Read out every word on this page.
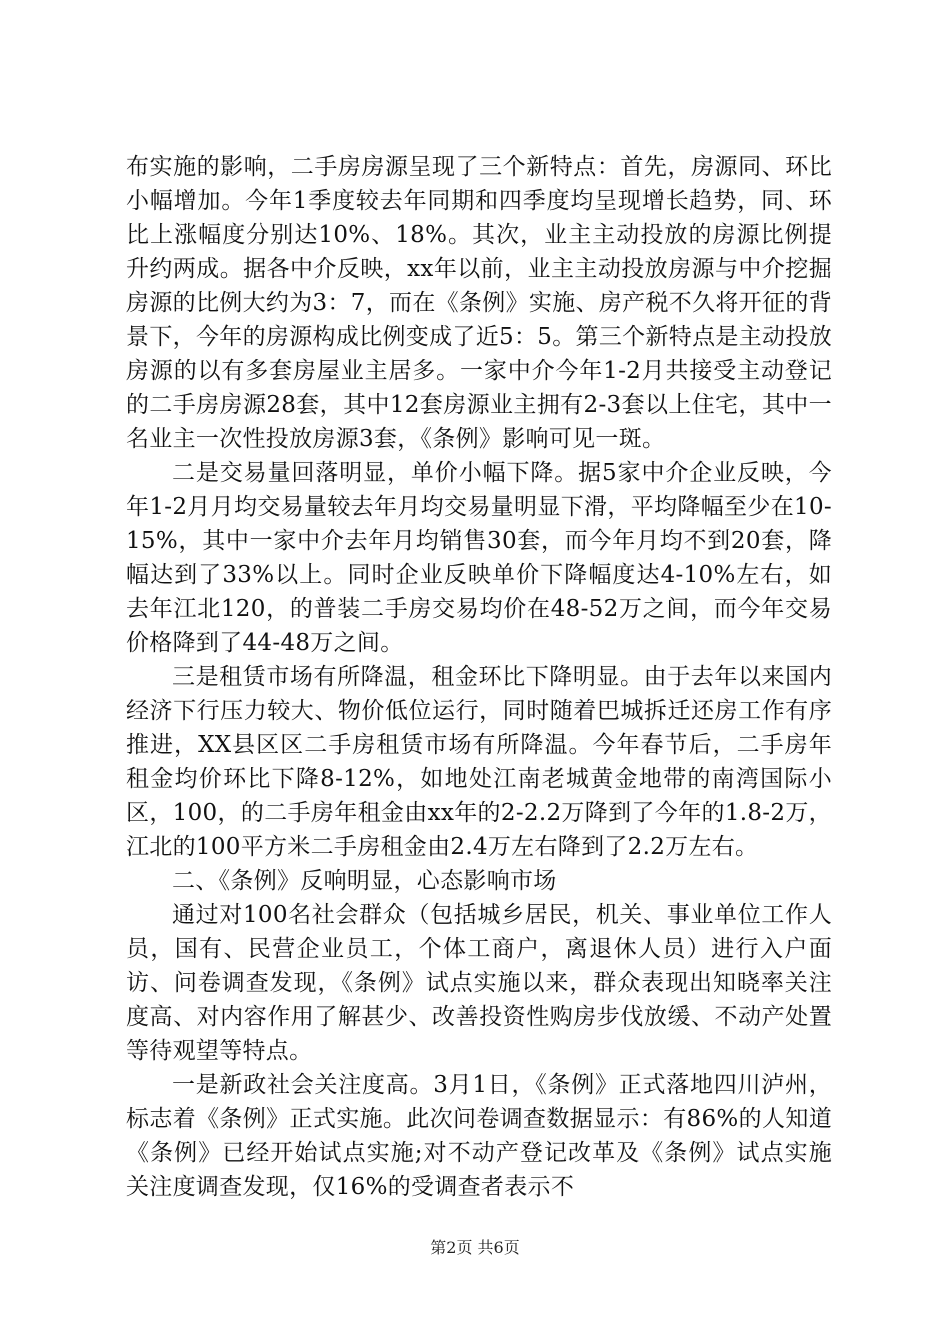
布实施的影响，二手房房源呈现了三个新特点：首先，房源同、环比小幅增加。今年1季度较去年同期和四季度均呈现增长趋势，同、环比上涨幅度分别达10%、18%。其次，业主主动投放的房源比例提升约两成。据各中介反映，xx年以前，业主主动投放房源与中介挖掘房源的比例大约为3：7，而在《条例》实施、房产税不久将开征的背景下，今年的房源构成比例变成了近5：5。第三个新特点是主动投放房源的以有多套房屋业主居多。一家中介今年1-2月共接受主动登记的二手房房源28套，其中12套房源业主拥有2-3套以上住宅，其中一名业主一次性投放房源3套，《条例》影响可见一斑。

二是交易量回落明显，单价小幅下降。据5家中介企业反映，今年1-2月月均交易量较去年月均交易量明显下滑，平均降幅至少在10-15%，其中一家中介去年月均销售30套，而今年月均不到20套，降幅达到了33%以上。同时企业反映单价下降幅度达4-10%左右，如去年江北120，的普装二手房交易均价在48-52万之间，而今年交易价格降到了44-48万之间。

三是租赁市场有所降温，租金环比下降明显。由于去年以来国内经济下行压力较大、物价低位运行，同时随着巴城拆迁还房工作有序推进，XX县区区二手房租赁市场有所降温。今年春节后，二手房年租金均价环比下降8-12%，如地处江南老城黄金地带的南湾国际小区，100，的二手房年租金由xx年的2-2.2万降到了今年的1.8-2万，江北的100平方米二手房租金由2.4万左右降到了2.2万左右。

二、《条例》反响明显，心态影响市场

通过对100名社会群众（包括城乡居民，机关、事业单位工作人员，国有、民营企业员工，个体工商户，离退休人员）进行入户面访、问卷调查发现，《条例》试点实施以来，群众表现出知晓率关注度高、对内容作用了解甚少、改善投资性购房步伐放缓、不动产处置等待观望等特点。

一是新政社会关注度高。3月1日，《条例》正式落地四川泸州，标志着《条例》正式实施。此次问卷调查数据显示：有86%的人知道《条例》已经开始试点实施;对不动产登记改革及《条例》试点实施关注度调查发现，仅16%的受调查者表示不

第2页 共6页
